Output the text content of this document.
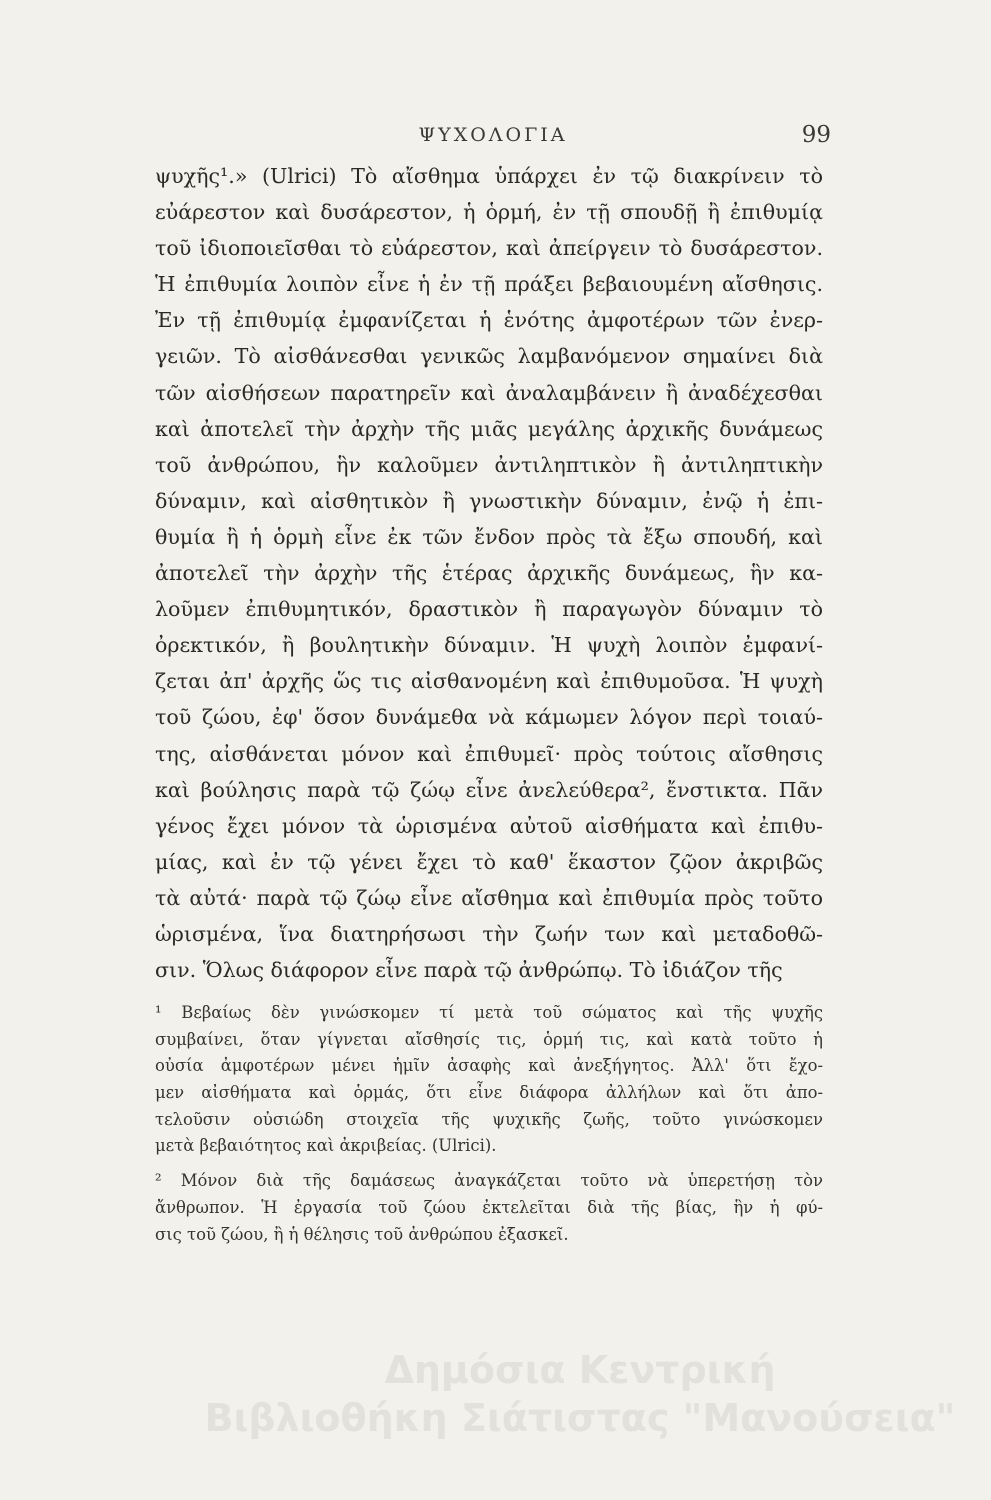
ΨΥΧΟΛΟΓΙΑ	99
ψυχῆς¹.» (Ulrici) Τὸ αἴσθημα ὑπάρχει ἐν τῷ διακρίνειν τὸ
εὐάρεστον καὶ δυσάρεστον, ἡ ὁρμή, ἐν τῇ σπουδῇ ἢ ἐπιθυμίᾳ
τοῦ ἰδιοποιεῖσθαι τὸ εὐάρεστον, καὶ ἀπείργειν τὸ δυσάρεστον.
Ἡ ἐπιθυμία λοιπὸν εἶνε ἡ ἐν τῇ πράξει βεβαιουμένη αἴσθησις.
Ἐν τῇ ἐπιθυμίᾳ ἐμφανίζεται ἡ ἑνότης ἀμφοτέρων τῶν ἐνερ-
γειῶν. Τὸ αἰσθάνεσθαι γενικῶς λαμβανόμενον σημαίνει διὰ
τῶν αἰσθήσεων παρατηρεῖν καὶ ἀναλαμβάνειν ἢ ἀναδέχεσθαι
καὶ ἀποτελεῖ τὴν ἀρχὴν τῆς μιᾶς μεγάλης ἀρχικῆς δυνάμεως
τοῦ ἀνθρώπου, ἣν καλοῦμεν ἀντιληπτικὸν ἢ ἀντιληπτικὴν
δύναμιν, καὶ αἰσθητικὸν ἢ γνωστικὴν δύναμιν, ἐνῷ ἡ ἐπι-
θυμία ἢ ἡ ὁρμὴ εἶνε ἐκ τῶν ἔνδον πρὸς τὰ ἔξω σπουδή, καὶ
ἀποτελεῖ τὴν ἀρχὴν τῆς ἑτέρας ἀρχικῆς δυνάμεως, ἣν κα-
λοῦμεν ἐπιθυμητικόν, δραστικὸν ἢ παραγωγὸν δύναμιν τὸ
ὀρεκτικόν, ἢ βουλητικὴν δύναμιν. Ἡ ψυχὴ λοιπὸν ἐμφανί-
ζεται ἀπ' ἀρχῆς ὥς τις αἰσθανομένη καὶ ἐπιθυμοῦσα. Ἡ ψυχὴ
τοῦ ζώου, ἐφ' ὅσον δυνάμεθα νὰ κάμωμεν λόγον περὶ τοιαύ-
της, αἰσθάνεται μόνον καὶ ἐπιθυμεῖ· πρὸς τούτοις αἴσθησις
καὶ βούλησις παρὰ τῷ ζώῳ εἶνε ἀνελεύθερα², ἔνστικτα. Πᾶν
γένος ἔχει μόνον τὰ ὡρισμένα αὐτοῦ αἰσθήματα καὶ ἐπιθυ-
μίας, καὶ ἐν τῷ γένει ἔχει τὸ καθ' ἕκαστον ζῷον ἀκριβῶς
τὰ αὐτά· παρὰ τῷ ζώῳ εἶνε αἴσθημα καὶ ἐπιθυμία πρὸς τοῦτο
ὡρισμένα, ἵνα διατηρήσωσι τὴν ζωήν των καὶ μεταδοθῶ-
σιν. Ὅλως διάφορον εἶνε παρὰ τῷ ἀνθρώπῳ. Τὸ ἰδιάζον τῆς
¹ Βεβαίως δὲν γινώσκομεν τί μετὰ τοῦ σώματος καὶ τῆς ψυχῆς
συμβαίνει, ὅταν γίγνεται αἴσθησίς τις, ὁρμή τις, καὶ κατὰ τοῦτο ἡ
οὐσία ἀμφοτέρων μένει ἡμῖν ἀσαφὴς καὶ ἀνεξήγητος. Ἀλλ' ὅτι ἔχο-
μεν αἰσθήματα καὶ ὁρμάς, ὅτι εἶνε διάφορα ἀλλήλων καὶ ὅτι ἀπο-
τελοῦσιν οὐσιώδη στοιχεῖα τῆς ψυχικῆς ζωῆς, τοῦτο γινώσκομεν
μετὰ βεβαιότητος καὶ ἀκριβείας. (Ulrici).
² Μόνον διὰ τῆς δαμάσεως ἀναγκάζεται τοῦτο νὰ ὑπερετήσῃ τὸν
ἄνθρωπον. Ἡ ἐργασία τοῦ ζώου ἐκτελεῖται διὰ τῆς βίας, ἣν ἡ φύ-
σις τοῦ ζώου, ἢ ἡ θέλησις τοῦ ἀνθρώπου ἐξασκεῖ.
Δημόσια Κεντρική
Βιβλιοθήκη Σιάτιστας "Μανούσεια"
